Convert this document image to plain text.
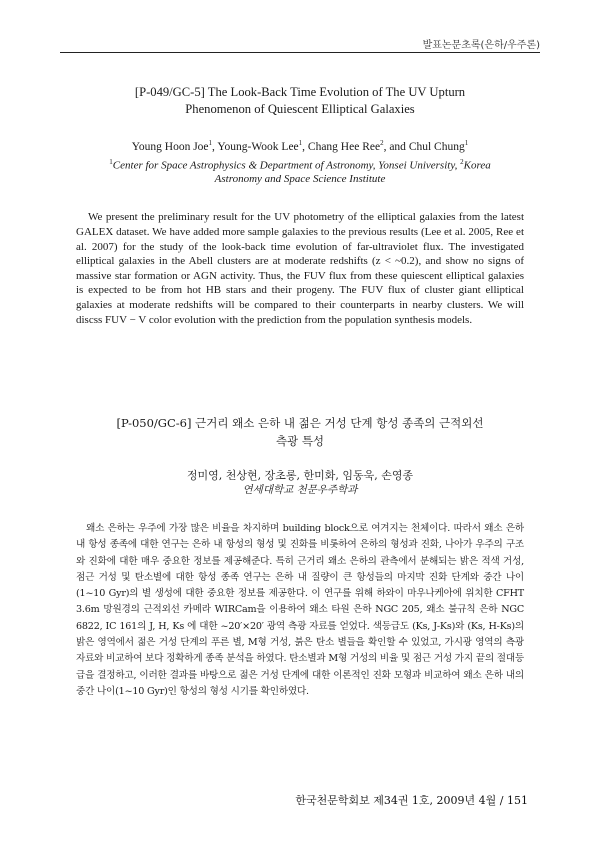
발표논문초록(은하/우주론)

[P-049/GC-5] The Look-Back Time Evolution of The UV Upturn
Phenomenon of Quiescent Elliptical Galaxies

Young Hoon Joe$^1$, Young-Wook Lee$^1$, Chang Hee Ree$^2$, and Chul Chung$^1$

$^1$Center for Space Astrophysics & Department of Astronomy, Yonsei University, $^2$Korea
Astronomy and Space Science Institute

We present the preliminary result for the UV photometry of the elliptical galaxies from the latest GALEX dataset. We have added more sample galaxies to the previous results (Lee et al. 2005, Ree et al. 2007) for the study of the look-back time evolution of far-ultraviolet flux. The investigated elliptical galaxies in the Abell clusters are at moderate redshifts (z < ~0.2), and show no signs of massive star formation or AGN activity. Thus, the FUV flux from these quiescent elliptical galaxies is expected to be from hot HB stars and their progeny. The FUV flux of cluster giant elliptical galaxies at moderate redshifts will be compared to their counterparts in nearby clusters. We will discss FUV − V color evolution with the prediction from the population synthesis models.

[P-050/GC-6] 근거리 왜소 은하 내 젊은 거성 단계 항성 종족의 근적외선
측광 특성

정미영, 천상현, 장초롱, 한미화, 임동욱, 손영종

연세대학교 천문우주학과

왜소 은하는 우주에 가장 많은 비율을 차지하며 building block으로 여겨지는 천체이다. 따라서 왜소 은하 내 항성 종족에 대한 연구는 은하 내 항성의 형성 및 진화를 비롯하여 은하의 형성과 진화, 나아가 우주의 구조와 진화에 대한 매우 중요한 정보를 제공해준다. 특히 근거리 왜소 은하의 관측에서 분해되는 밝은 적색 거성, 점근 거성 및 탄소별에 대한 항성 종족 연구는 은하 내 질량이 큰 항성들의 마지막 진화 단계와 중간 나이(1~10 Gyr)의 별 생성에 대한 중요한 정보를 제공한다. 이 연구를 위해 하와이 마우나케아에 위치한 CFHT 3.6m 망원경의 근적외선 카메라 WIRCam을 이용하여 왜소 타원 은하 NGC 205, 왜소 불규칙 은하 NGC 6822, IC 161의 J, H, Ks 에 대한 ~20′×20′ 광역 측광 자료를 얻었다. 색등급도 (Ks, J-Ks)와 (Ks, H-Ks)의 밝은 영역에서 젊은 거성 단계의 푸른 별, M형 거성, 붉은 탄소 별들을 확인할 수 있었고, 가시광 영역의 측광 자료와 비교하여 보다 정확하게 종족 분석을 하였다. 탄소별과 M형 거성의 비율 및 점근 거성 가지 끝의 절대등급을 결정하고, 이러한 결과를 바탕으로 젊은 거성 단계에 대한 이론적인 진화 모형과 비교하여 왜소 은하 내의 중간 나이(1~10 Gyr)인 항성의 형성 시기를 확인하였다.

한국천문학회보 제34권 1호, 2009년 4월 / 151
